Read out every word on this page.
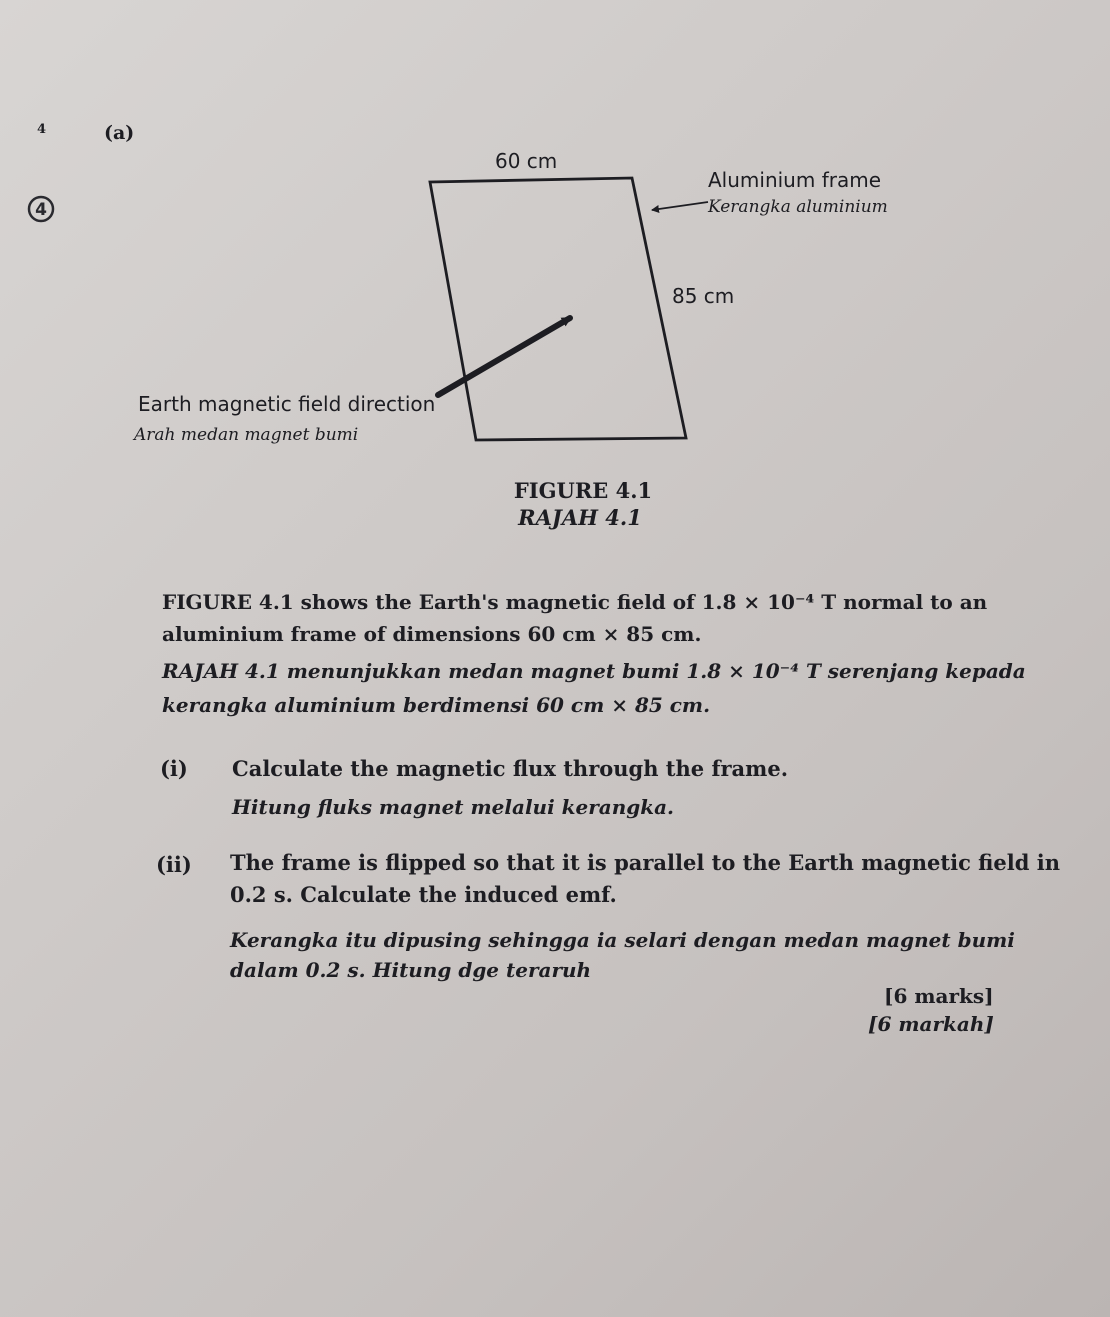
4	(a)
4
60 cm
85 cm
Aluminium frame
Kerangka aluminium
Earth magnetic field direction
Arah medan magnet bumi
FIGURE 4.1
RAJAH 4.1
FIGURE 4.1 shows the Earth's magnetic field of 1.8 × 10⁻⁴ T normal to an
aluminium frame of dimensions 60 cm × 85 cm.
RAJAH 4.1 menunjukkan medan magnet bumi 1.8 × 10⁻⁴ T serenjang kepada
kerangka aluminium berdimensi 60 cm × 85 cm.
(i) Calculate the magnetic flux through the frame.
Hitung fluks magnet melalui kerangka.
(ii) The frame is flipped so that it is parallel to the Earth magnetic field in
0.2 s. Calculate the induced emf.
Kerangka itu dipusing sehingga ia selari dengan medan magnet bumi
dalam 0.2 s. Hitung dge teraruh
[6 marks]
[6 markah]
